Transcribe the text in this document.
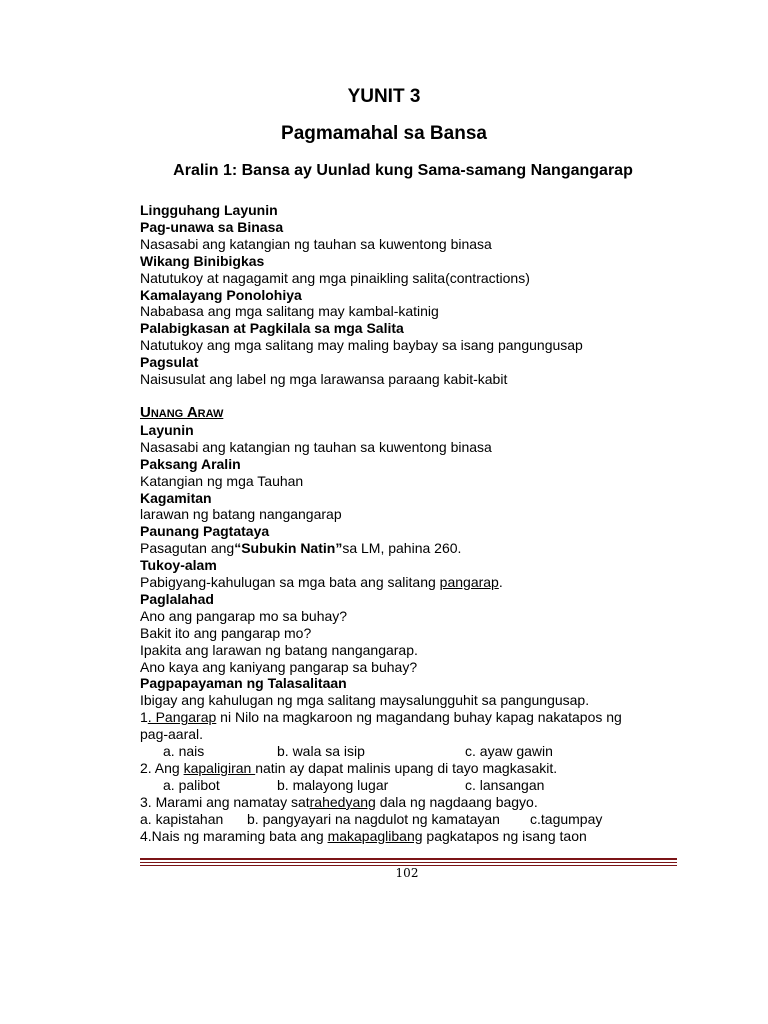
YUNIT 3
Pagmamahal sa Bansa
Aralin 1: Bansa ay Uunlad kung Sama-samang Nangangarap

Lingguhang Layunin

Pag-unawa sa Binasa

Nasasabi ang katangian ng tauhan sa kuwentong binasa

Wikang Binibigkas

Natutukoy at nagagamit ang mga pinaikling salita(contractions)

Kamalayang Ponolohiya

Nababasa ang mga salitang may kambal-katinig

Palabigkasan at Pagkilala sa mga Salita

Natutukoy ang mga salitang may maling baybay sa isang pangungusap

Pagsulat

Naisusulat ang label ng mga larawansa paraang kabit-kabit

Unang Araw

Layunin

Nasasabi ang katangian ng tauhan sa kuwentong binasa

Paksang Aralin

Katangian ng mga Tauhan

Kagamitan

larawan ng batang nangangarap

Paunang Pagtataya

Pasagutan ang“Subukin Natin”sa LM, pahina 260.

Tukoy-alam

Pabigyang-kahulugan sa mga bata ang salitang pangarap.

Paglalahad

Ano ang pangarap mo sa buhay?

Bakit ito ang pangarap mo?

Ipakita ang larawan ng batang nangangarap.

Ano kaya ang kaniyang pangarap sa buhay?

Pagpapayaman ng Talasalitaan

Ibigay ang kahulugan ng mga salitang maysalungguhit sa pangungusap.

1. Pangarap ni Nilo na magkaroon ng magandang buhay kapag nakatapos ng

pag-aaral.

a. nais	b. wala sa isip	c. ayaw gawin

2. Ang kapaligiran natin ay dapat malinis upang di tayo magkasakit.

a. palibot	b. malayong lugar	c. lansangan

3. Marami ang namatay satrahedyang dala ng nagdaang bagyo.

a. kapistahan b. pangyayari na nagdulot ng kamatayan c.tagumpay

4.Nais ng maraming bata ang makapaglibang pagkatapos ng isang taon

102
